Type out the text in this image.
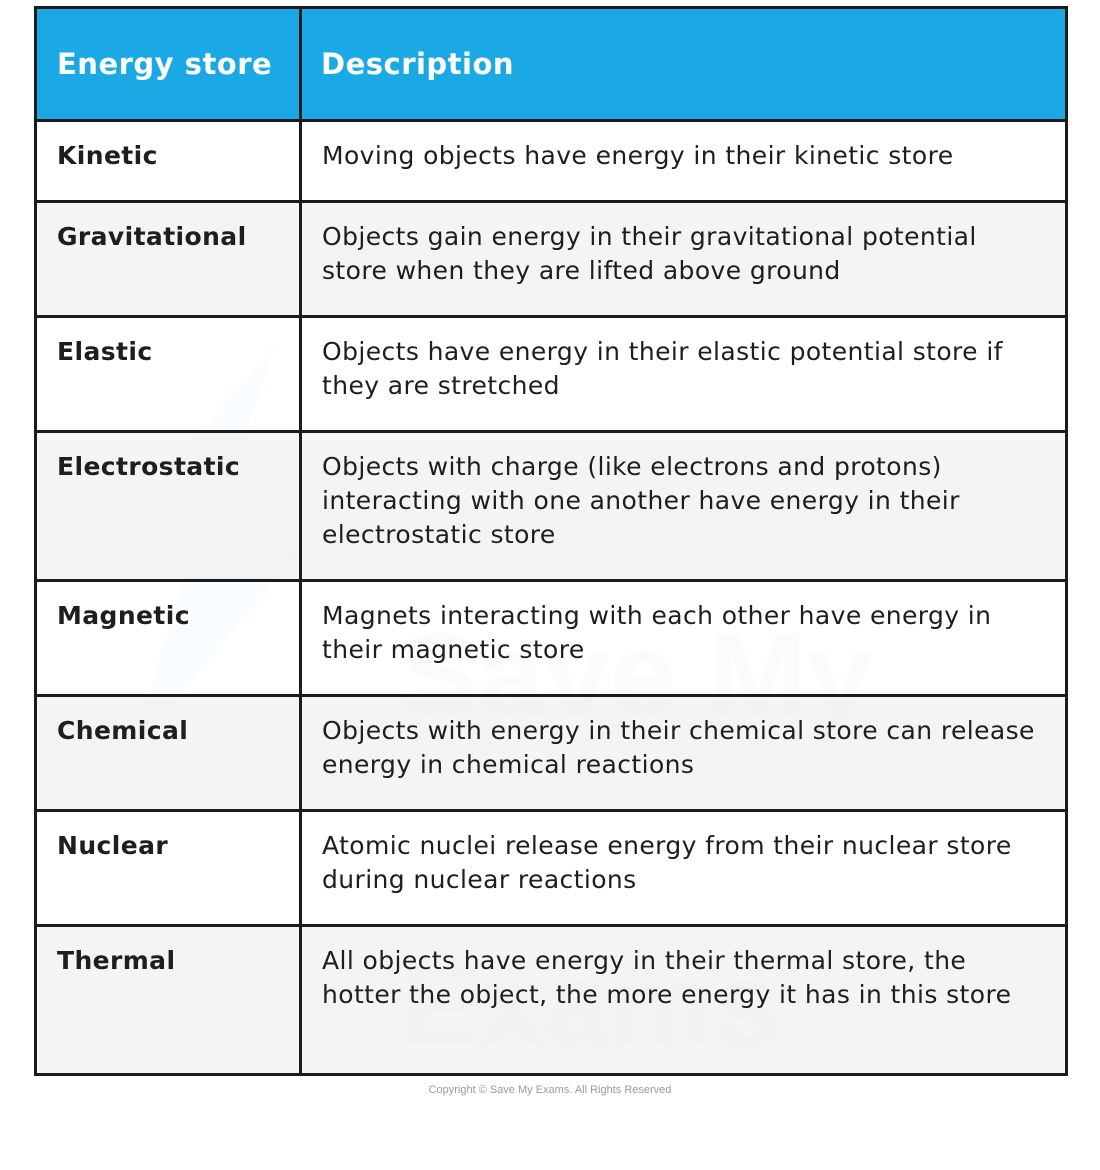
Energy store	Description
Kinetic	Moving objects have energy in their kinetic store
Gravitational	Objects gain energy in their gravitational potential store when they are lifted above ground
Elastic	Objects have energy in their elastic potential store if they are stretched
Electrostatic	Objects with charge (like electrons and protons) interacting with one another have energy in their electrostatic store
Magnetic	Magnets interacting with each other have energy in their magnetic store
Chemical	Objects with energy in their chemical store can release energy in chemical reactions
Nuclear	Atomic nuclei release energy from their nuclear store during nuclear reactions
Thermal	All objects have energy in their thermal store, the hotter the object, the more energy it has in this store
Copyright © Save My Exams. All Rights Reserved
